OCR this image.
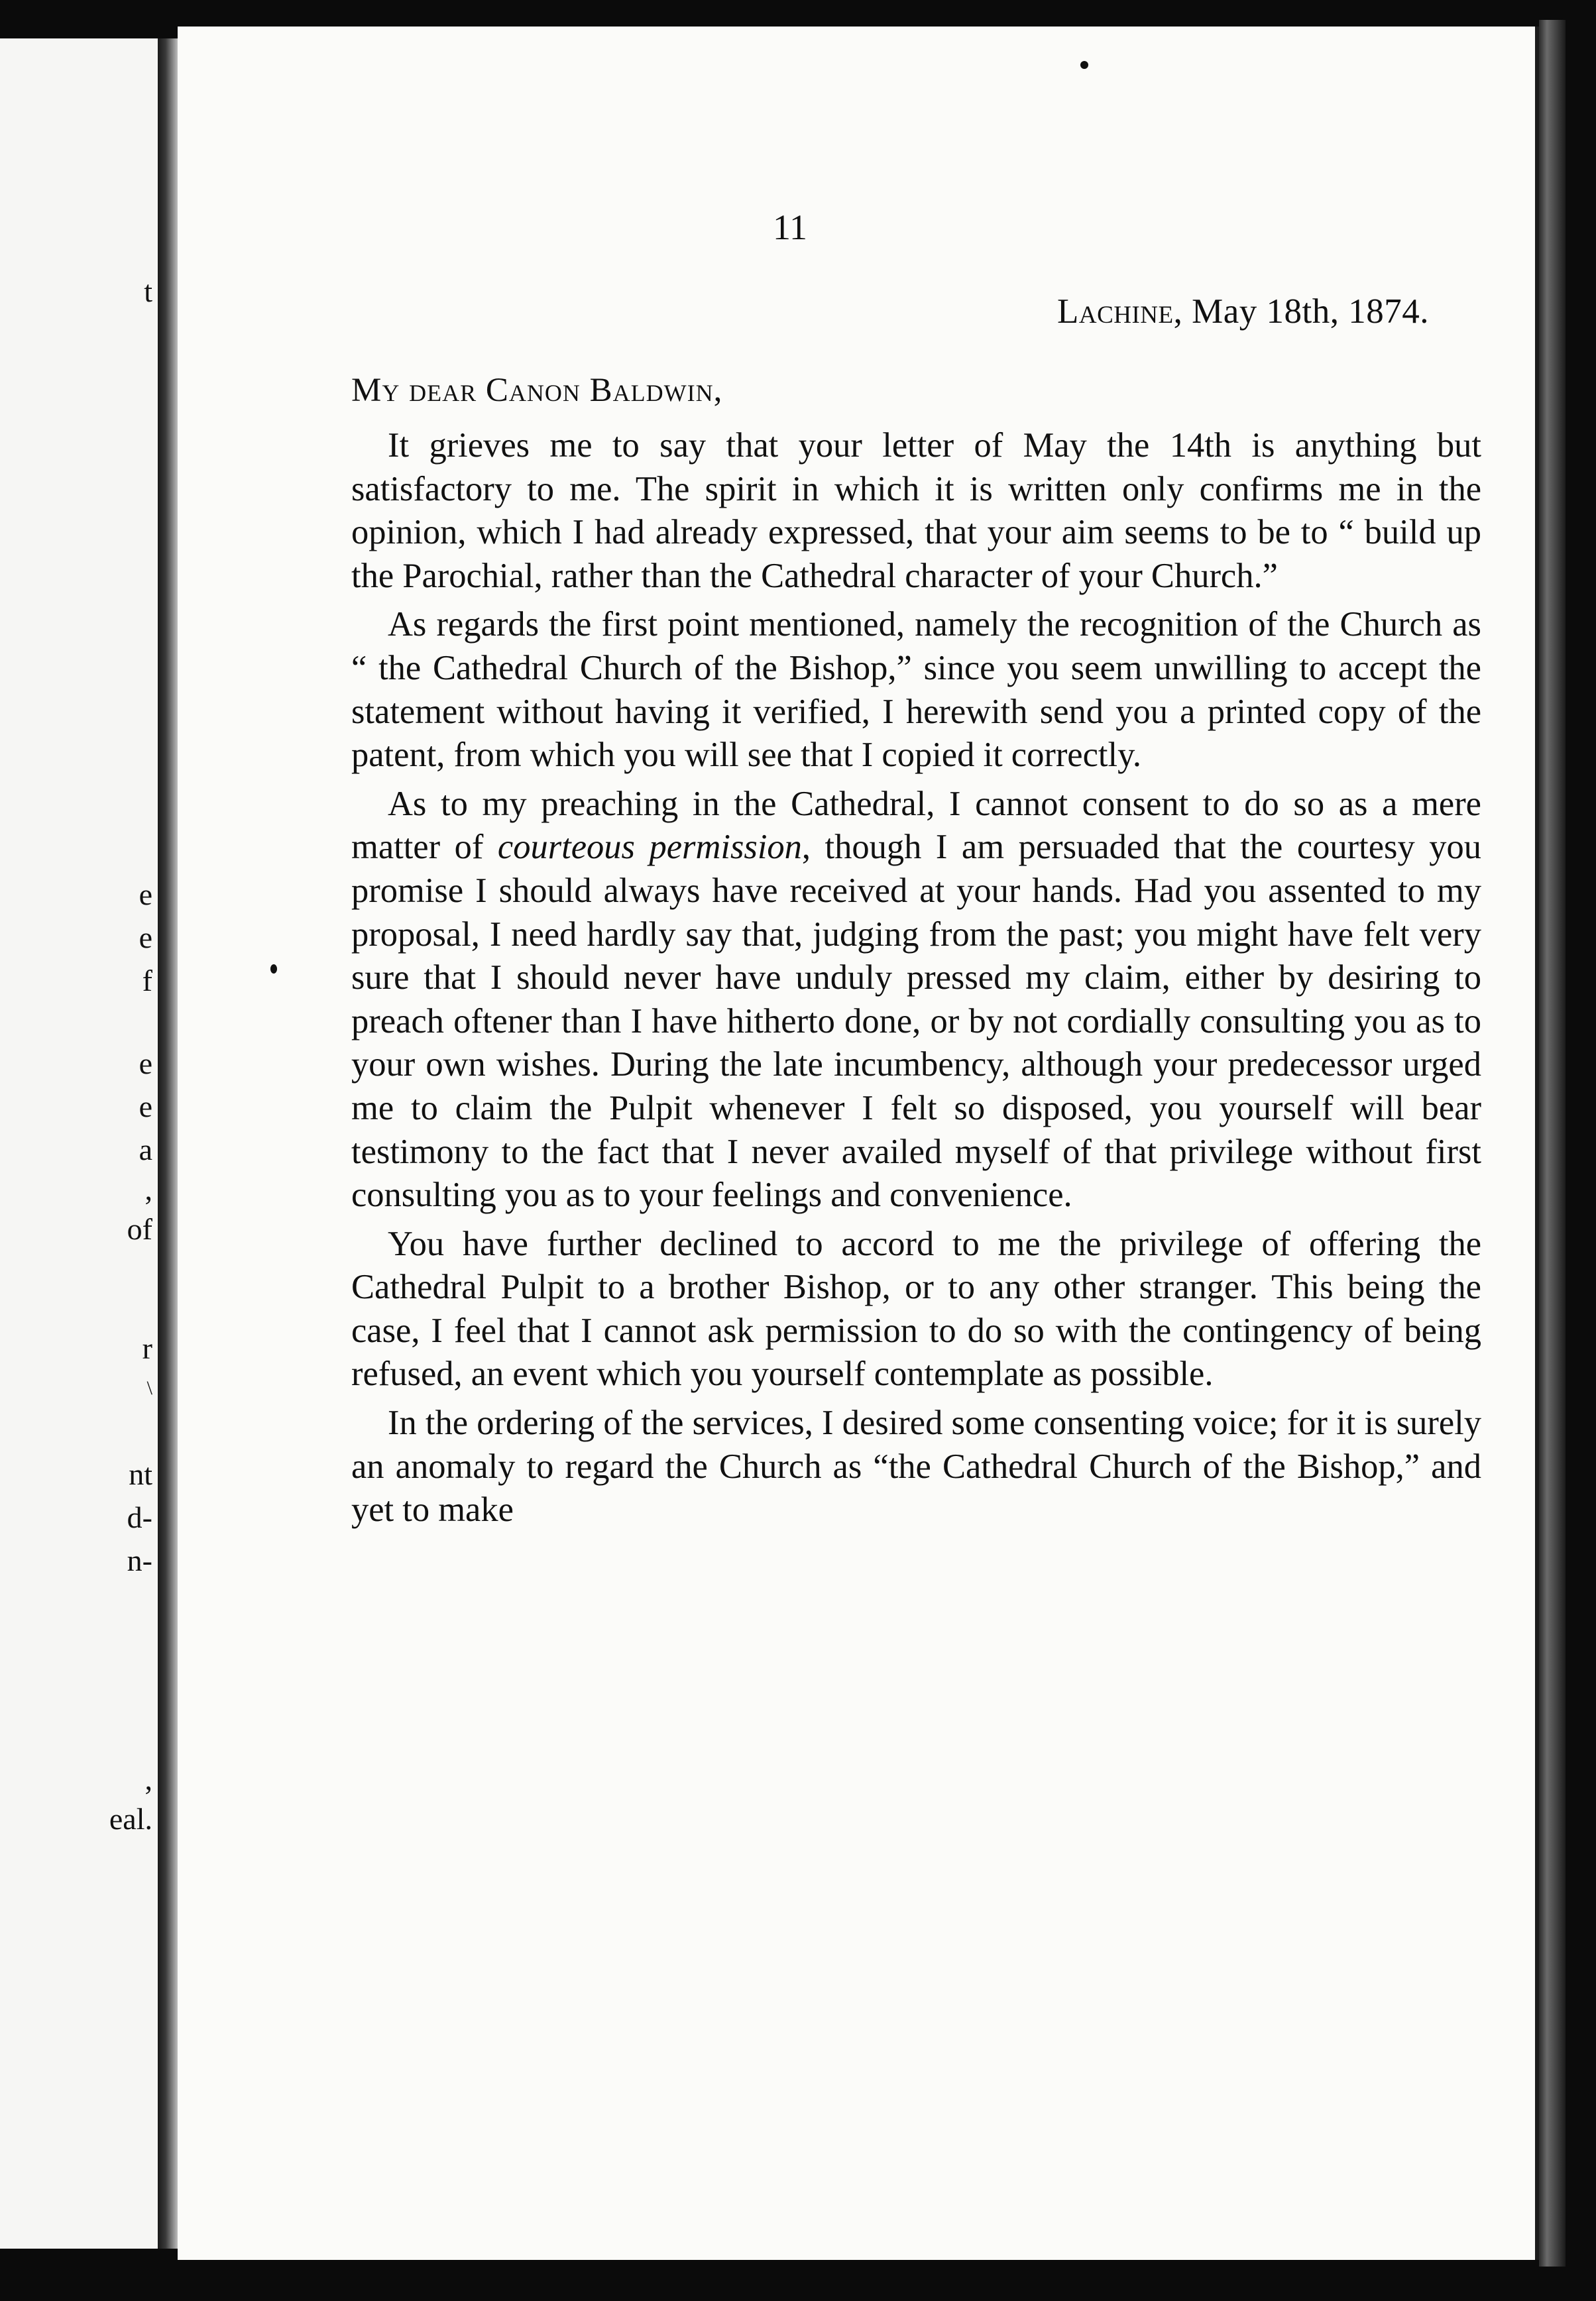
t
e
e
f
e
e
a
,
of
r
\
nt
d-
n-
,
eal.
11
Lachine, May 18th, 1874.
My dear Canon Baldwin,

It grieves me to say that your letter of May the 14th is anything but satisfactory to me. The spirit in which it is written only confirms me in the opinion, which I had already expressed, that your aim seems to be to “ build up the Parochial, rather than the Cathedral character of your Church.”

As regards the first point mentioned, namely the recognition of the Church as “ the Cathedral Church of the Bishop,” since you seem unwilling to accept the statement without having it verified, I herewith send you a printed copy of the patent, from which you will see that I copied it correctly.

As to my preaching in the Cathedral, I cannot consent to do so as a mere matter of courteous permission, though I am persuaded that the courtesy you promise I should always have received at your hands. Had you assented to my proposal, I need hardly say that, judging from the past; you might have felt very sure that I should never have unduly pressed my claim, either by desiring to preach oftener than I have hitherto done, or by not cordially consulting you as to your own wishes. During the late incumbency, although your predecessor urged me to claim the Pulpit whenever I felt so disposed, you yourself will bear testimony to the fact that I never availed myself of that privilege without first consulting you as to your feelings and convenience.

You have further declined to accord to me the privilege of offering the Cathedral Pulpit to a brother Bishop, or to any other stranger. This being the case, I feel that I cannot ask permission to do so with the contingency of being refused, an event which you yourself contemplate as possible.

In the ordering of the services, I desired some consenting voice; for it is surely an anomaly to regard the Church as “the Cathedral Church of the Bishop,” and yet to make
